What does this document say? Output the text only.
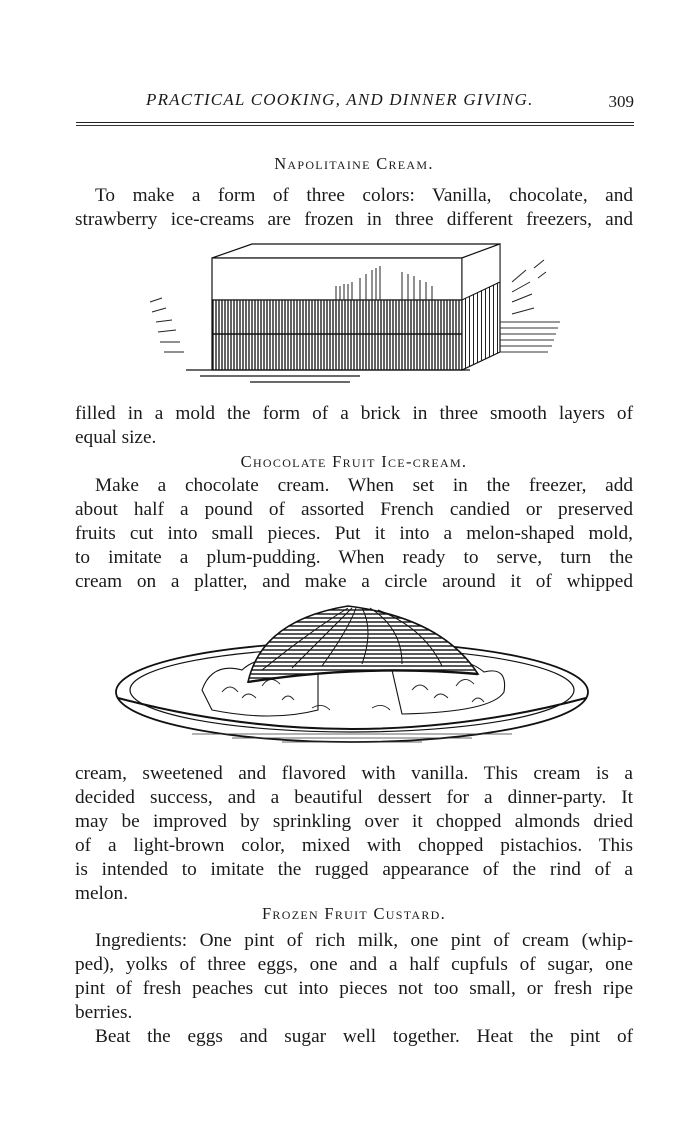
PRACTICAL COOKING, AND DINNER GIVING.	309
Napolitaine Cream.
To make a form of three colors: Vanilla, chocolate, and
strawberry ice-creams are frozen in three different freezers, and
filled in a mold the form of a brick in three smooth layers of
equal size.
Chocolate Fruit Ice-cream.
Make a chocolate cream. When set in the freezer, add
about half a pound of assorted French candied or preserved
fruits cut into small pieces. Put it into a melon-shaped mold,
to imitate a plum-pudding. When ready to serve, turn the
cream on a platter, and make a circle around it of whipped
cream, sweetened and flavored with vanilla. This cream is a
decided success, and a beautiful dessert for a dinner-party. It
may be improved by sprinkling over it chopped almonds dried
of a light-brown color, mixed with chopped pistachios. This
is intended to imitate the rugged appearance of the rind of a
melon.
Frozen Fruit Custard.
Ingredients: One pint of rich milk, one pint of cream (whip-
ped), yolks of three eggs, one and a half cupfuls of sugar, one
pint of fresh peaches cut into pieces not too small, or fresh ripe
berries.
Beat the eggs and sugar well together. Heat the pint of
